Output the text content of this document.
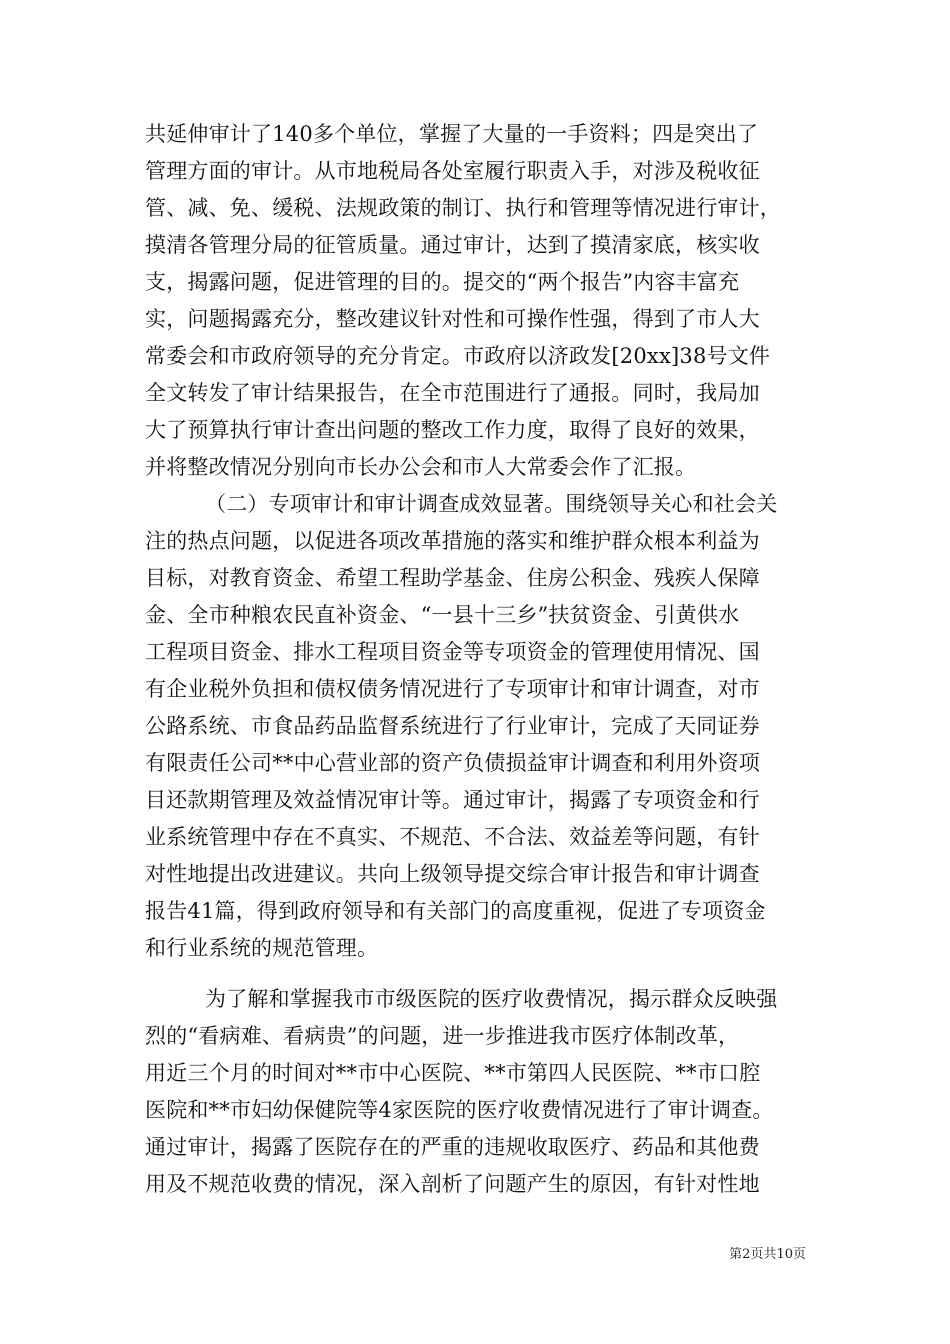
共延伸审计了140多个单位，掌握了大量的一手资料；四是突出了
管理方面的审计。从市地税局各处室履行职责入手，对涉及税收征
管、减、免、缓税、法规政策的制订、执行和管理等情况进行审计，
摸清各管理分局的征管质量。通过审计，达到了摸清家底，核实收
支，揭露问题，促进管理的目的。提交的“两个报告”内容丰富充
实，问题揭露充分，整改建议针对性和可操作性强，得到了市人大
常委会和市政府领导的充分肯定。市政府以济政发[20xx]38号文件
全文转发了审计结果报告，在全市范围进行了通报。同时，我局加
大了预算执行审计查出问题的整改工作力度，取得了良好的效果，
并将整改情况分别向市长办公会和市人大常委会作了汇报。
（二）专项审计和审计调查成效显著。围绕领导关心和社会关
注的热点问题，以促进各项改革措施的落实和维护群众根本利益为
目标，对教育资金、希望工程助学基金、住房公积金、残疾人保障
金、全市种粮农民直补资金、“一县十三乡”扶贫资金、引黄供水
工程项目资金、排水工程项目资金等专项资金的管理使用情况、国
有企业税外负担和债权债务情况进行了专项审计和审计调查，对市
公路系统、市食品药品监督系统进行了行业审计，完成了天同证券
有限责任公司**中心营业部的资产负债损益审计调查和利用外资项
目还款期管理及效益情况审计等。通过审计，揭露了专项资金和行
业系统管理中存在不真实、不规范、不合法、效益差等问题，有针
对性地提出改进建议。共向上级领导提交综合审计报告和审计调查
报告41篇，得到政府领导和有关部门的高度重视，促进了专项资金
和行业系统的规范管理。
为了解和掌握我市市级医院的医疗收费情况，揭示群众反映强
烈的“看病难、看病贵”的问题，进一步推进我市医疗体制改革，
用近三个月的时间对**市中心医院、**市第四人民医院、**市口腔
医院和**市妇幼保健院等4家医院的医疗收费情况进行了审计调查。
通过审计，揭露了医院存在的严重的违规收取医疗、药品和其他费
用及不规范收费的情况，深入剖析了问题产生的原因，有针对性地
第2页共10页
